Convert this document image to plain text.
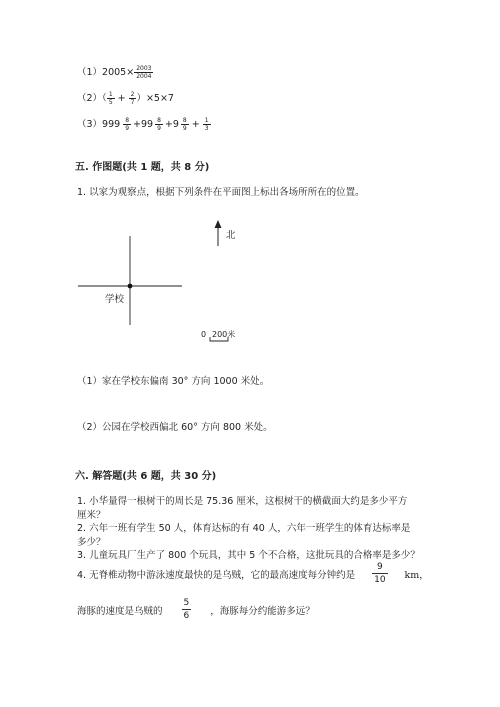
$(1)2005\times \frac{2003}{2004}$
$(2)( \frac{1}{5} + \frac{2}{7} )\times 5\times 7$
$(3)999 \frac{8}{9} +99 \frac{8}{9} +9 \frac{8}{9} + \frac{1}{3}$
五. 作图题(共 1 题，共 8 分)
1. 以家为观察点，根据下列条件在平面图上标出各场所所在的位置。
北
学校
0 200米
（1）家在学校东偏南 30° 方向 1000 米处。
（2）公园在学校西偏北 60° 方向 800 米处。
六. 解答题(共 6 题，共 30 分)
1. 小华量得一根树干的周长是 75.36 厘米，这根树干的横截面大约是多少平方
厘米？
2. 六年一班有学生 50 人，体育达标的有 40 人，六年一班学生的体育达标率是
多少？
3. 儿童玩具厂生产了 800 个玩具，其中 5 个不合格，这批玩具的合格率是多少？
4. 无脊椎动物中游泳速度最快的是乌贼，它的最高速度每分钟约是 $\frac{9}{10}$ km，
海豚的速度是乌贼的 $\frac{5}{6}$ ，海豚每分约能游多远？
